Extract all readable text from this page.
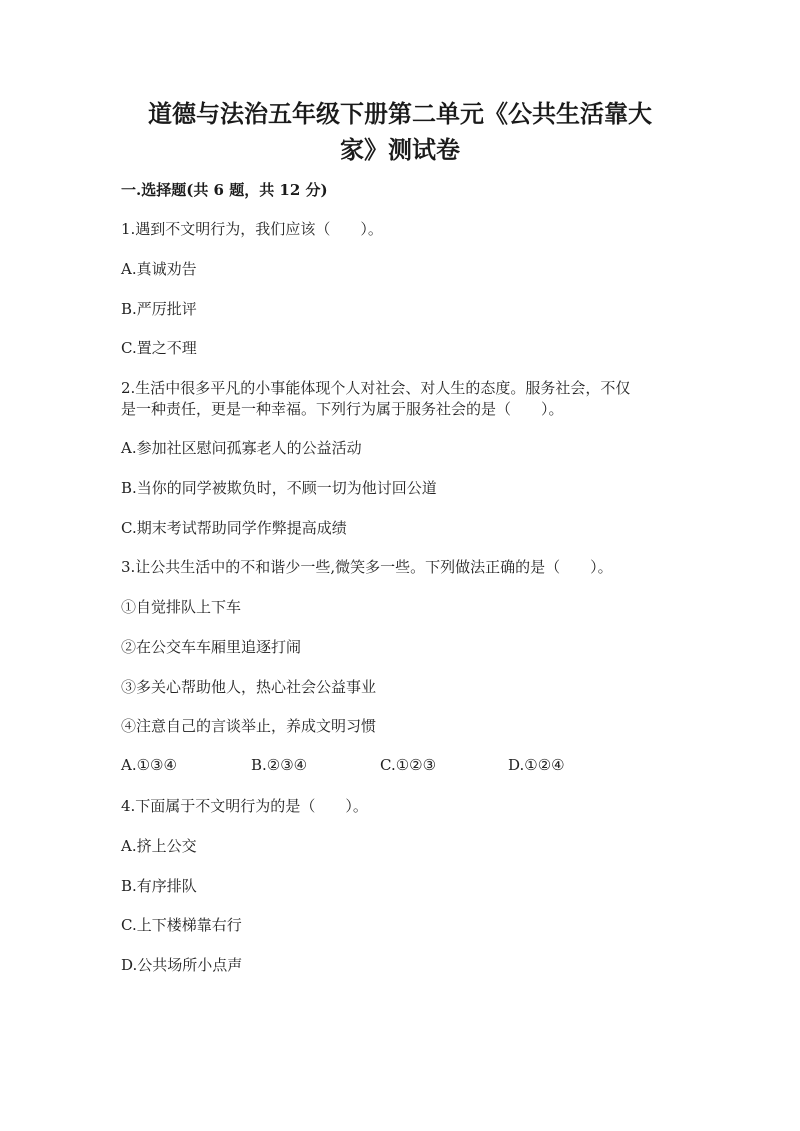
道德与法治五年级下册第二单元《公共生活靠大
家》测试卷
一.选择题(共 6 题，共 12 分)
1.遇到不文明行为，我们应该（　　）。
A.真诚劝告
B.严厉批评
C.置之不理
2.生活中很多平凡的小事能体现个人对社会、对人生的态度。服务社会，不仅
是一种责任，更是一种幸福。下列行为属于服务社会的是（　　）。
A.参加社区慰问孤寡老人的公益活动
B.当你的同学被欺负时，不顾一切为他讨回公道
C.期末考试帮助同学作弊提高成绩
3.让公共生活中的不和谐少一些,微笑多一些。下列做法正确的是（　　）。
①自觉排队上下车
②在公交车车厢里追逐打闹
③多关心帮助他人，热心社会公益事业
④注意自己的言谈举止，养成文明习惯
A.①③④	B.②③④	C.①②③	D.①②④
4.下面属于不文明行为的是（　　）。
A.挤上公交
B.有序排队
C.上下楼梯靠右行
D.公共场所小点声
